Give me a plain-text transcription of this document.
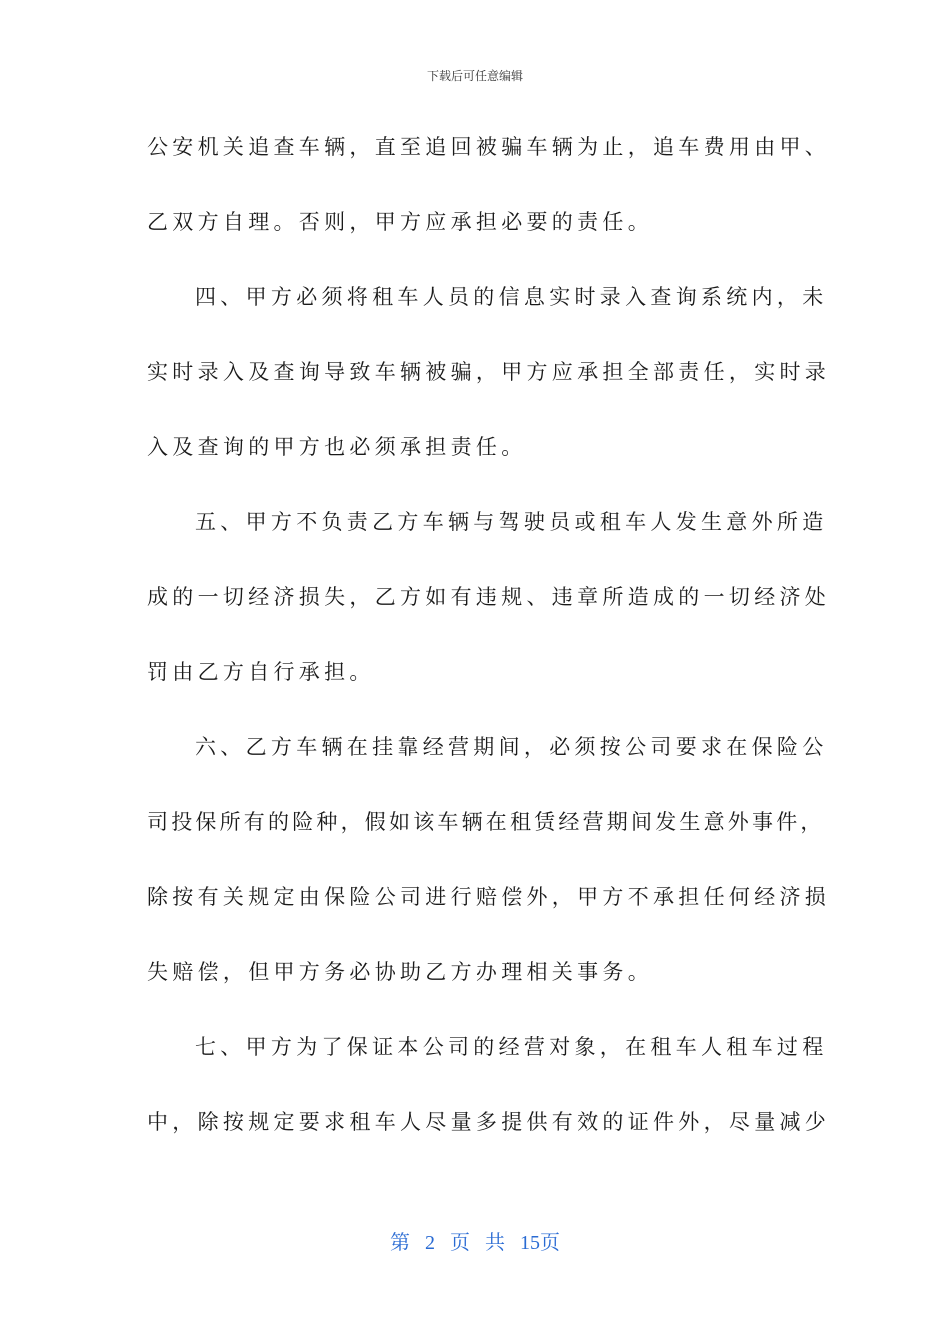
下载后可任意编辑
公安机关追查车辆，直至追回被骗车辆为止，追车费用由甲、
乙双方自理。否则，甲方应承担必要的责任。
四、甲方必须将租车人员的信息实时录入查询系统内，未
实时录入及查询导致车辆被骗，甲方应承担全部责任，实时录
入及查询的甲方也必须承担责任。
五、甲方不负责乙方车辆与驾驶员或租车人发生意外所造
成的一切经济损失，乙方如有违规、违章所造成的一切经济处
罚由乙方自行承担。
六、乙方车辆在挂靠经营期间，必须按公司要求在保险公
司投保所有的险种，假如该车辆在租赁经营期间发生意外事件，
除按有关规定由保险公司进行赔偿外，甲方不承担任何经济损
失赔偿，但甲方务必协助乙方办理相关事务。
七、甲方为了保证本公司的经营对象，在租车人租车过程
中，除按规定要求租车人尽量多提供有效的证件外，尽量减少
第 2 页 共 15页
